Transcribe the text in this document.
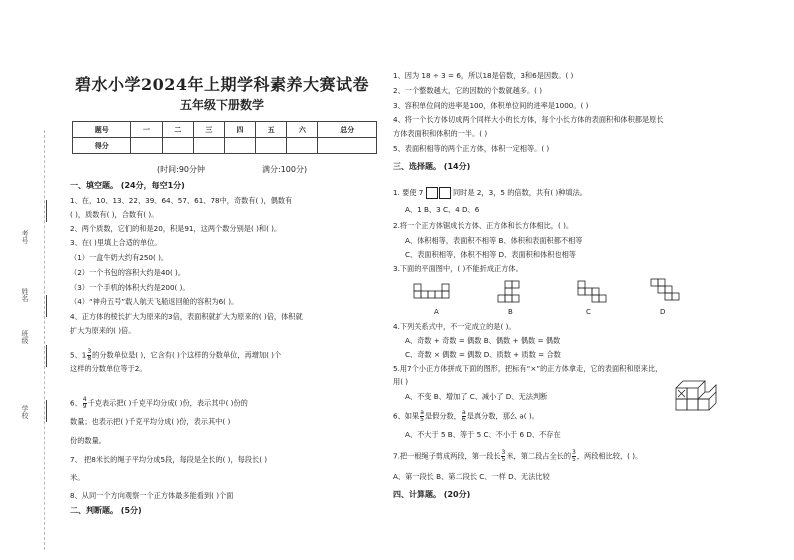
考号
姓名
班级
学校
碧水小学2024年上期学科素养大赛试卷
五年级下册数学
题号	一	二	三	四	五	六	总分
得分							
(时间:90分钟	满分:100分)
一、填空题。 (24分，每空1分)
1、在，10、13、22、39、64、57、61、78中，奇数有( )，偶数有
( )，质数有( )，合数有( )。
2、两个质数，它们的和是20，积是91，这两个数分别是( )和( )。
3、在( )里填上合适的单位。
（1）一盒牛奶大约有250( )。
（2）一个书包的容积大约是40( )。
（3）一个手机的体积大约是200( )。
（4）“神舟五号”载人航天飞船返回舱的容积为6( )。
4、正方体的棱长扩大为原来的3倍，表面积就扩大为原来的( )倍，体积就
扩大为原来的( )倍。
5、$1 \frac{3}{8}$ 的分数单位是( )，它含有( )个这样的分数单位，再增加( )个
这样的分数单位等于2。
6、 $\frac{4}{9}$ 千克表示把( )千克平均分成( )份，表示其中( )份的
数量；也表示把( )千克平均分成( )份，表示其中( )
份的数量。
7、 把8米长的绳子平均分成5段，每段是全长的( )，每段长( )
米。
8、从同一个方向观察一个正方体最多能看到( )个面
二、判断题。 (5分)
1、因为 18 ÷ 3 = 6，所以18是倍数，3和6是因数。( )
2、一个整数越大，它的因数的个数就越多。( )
3、容积单位间的进率是100，体积单位间的进率是1000。( )
4、将一个长方体切成两个同样大小的长方体，每个小长方体的表面积和体积都是原长
方体表面积和体积的一半。( )
5、表面积相等的两个正方体，体积一定相等。( )
三、选择题。 (14分)
1. 要使 7	同时是 2，3，5 的倍数，共有( )种填法。
A、1 B、3 C、4 D、6
2.将一个正方体锯成长方体、正方体和长方体相比，( )。
A、体积相等，表面积不相等 B、体积和表面积都不相等
C、表面积相等，体积不相等 D、表面积和体积也相等
3.下面的平面图中，( )不能折成正方体。
A	B	C	D
4.下列关系式中，不一定成立的是( )。
A、奇数 + 奇数 = 偶数 B、偶数 + 偶数 = 偶数
C、奇数 × 偶数 = 偶数 D、质数 + 质数 = 合数
5.用7个小正方体拼成下面的图形，把标有“×”的正方体拿走，它的表面积和原来比，
用( )
A、不变 B、增加了 C、减小了 D、无法判断
6、如果 $\frac{a}{5}$ 是假分数， $\frac{a}{6}$ 是真分数，那么 a( )。
A、不大于 5 B、等于 5 C、不小于 6 D、不存在
7.把一根绳子剪成两段，第一段长 $\frac{3}{5}$ 米，第二段占全长的 $\frac{3}{5}$ ，两段相比较，( )。
A、第一段长 B、第二段长 C、一样 D、无法比较
四、计算题。 (20分)
